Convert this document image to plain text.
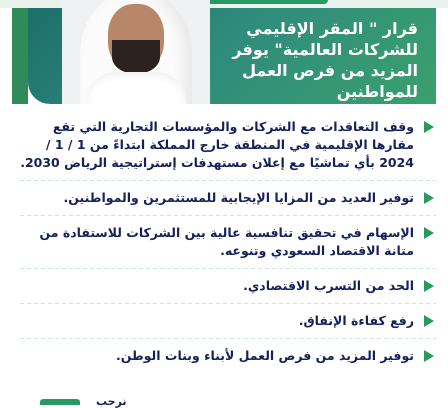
قرار " المقر الإقليمي للشركات العالمية" يوفر المزيد من فرص العمل للمواطنين
وقف التعاقدات مع الشركات والمؤسسات التجارية التي تقع مقارها الإقليمية في المنطقة خارج المملكة ابتداءً من 1 / 1 / 2024 بأي تماشيًا مع إعلان مستهدفات إستراتيجية الرياض 2030.
توفير العديد من المزايا الإيجابية للمستثمرين والمواطنين.
الإسهام في تحقيق تنافسية عالية بين الشركات للاستفادة من متانة الاقتصاد السعودي وتنوعه.
الحد من التسرب الاقتصادي.
رفع كفاءة الإنفاق.
توفير المزيد من فرص العمل لأبناء وبنات الوطن.
نرحب
